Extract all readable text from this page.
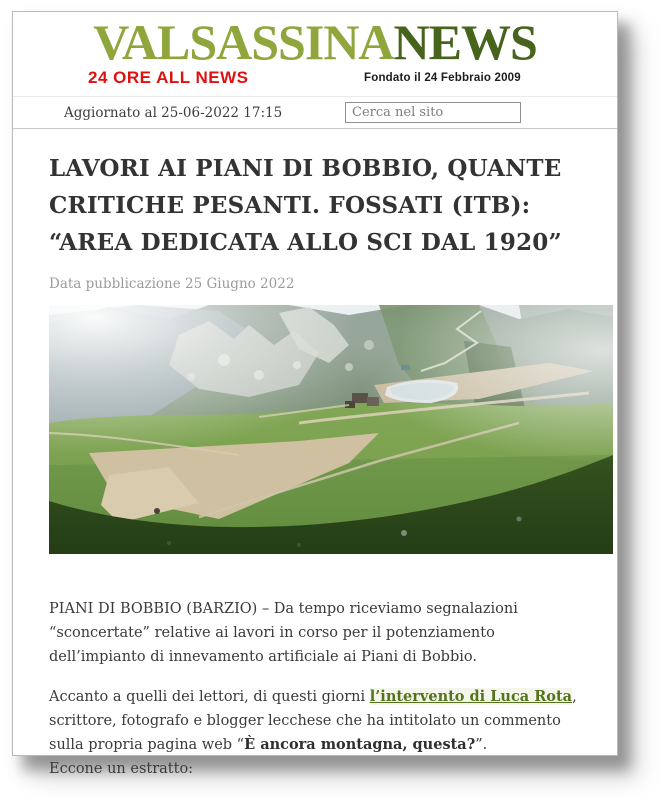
VALSASSINANEWS
24 ORE ALL NEWS	Fondato il 24 Febbraio 2009
Aggiornato al 25-06-2022 17:15
Cerca nel sito
LAVORI AI PIANI DI BOBBIO, QUANTE CRITICHE PESANTI. FOSSATI (ITB): “AREA DEDICATA ALLO SCI DAL 1920”
Data pubblicazione 25 Giugno 2022

PIANI DI BOBBIO (BARZIO) – Da tempo riceviamo segnalazioni “sconcertate” relative ai lavori in corso per il potenziamento dell’impianto di innevamento artificiale ai Piani di Bobbio.

Accanto a quelli dei lettori, di questi giorni l’intervento di Luca Rota, scrittore, fotografo e blogger lecchese che ha intitolato un commento sulla propria pagina web “È ancora montagna, questa?”.

Eccone un estratto:
